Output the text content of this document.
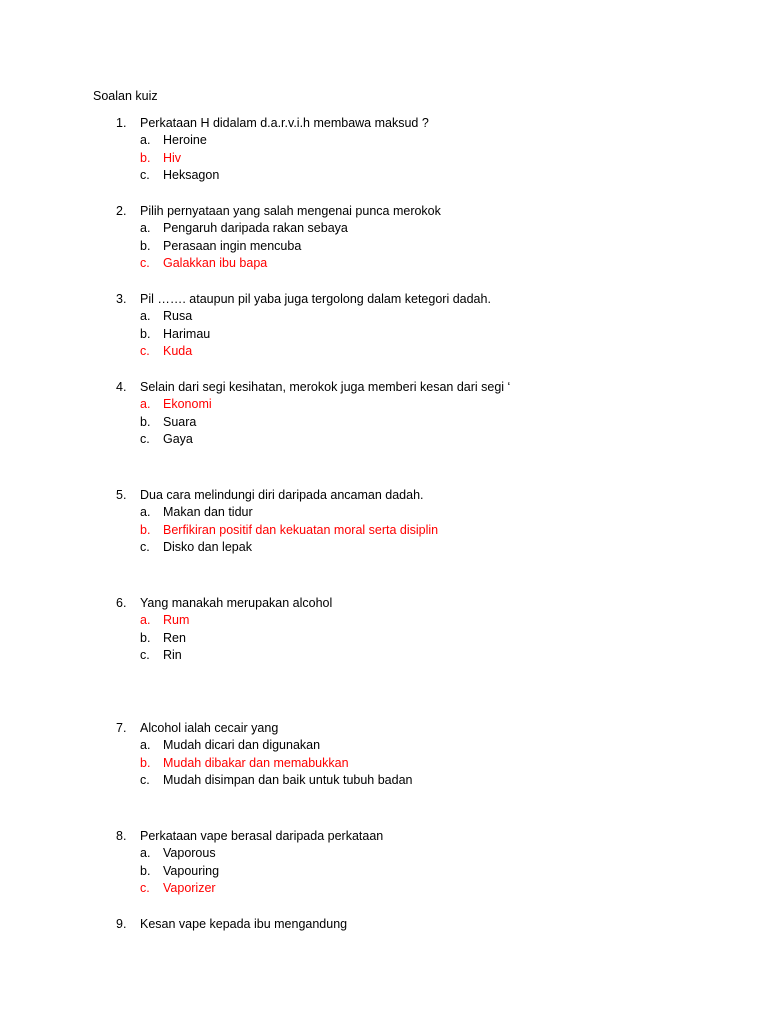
Soalan kuiz
1. Perkataan H didalam d.a.r.v.i.h membawa maksud ?
a. Heroine
b. Hiv
c. Heksagon
2. Pilih pernyataan yang salah mengenai punca merokok
a. Pengaruh daripada rakan sebaya
b. Perasaan ingin mencuba
c. Galakkan ibu bapa
3. Pil ……. ataupun pil yaba juga tergolong dalam ketegori dadah.
a. Rusa
b. Harimau
c. Kuda
4. Selain dari segi kesihatan, merokok juga memberi kesan dari segi ‘
a. Ekonomi
b. Suara
c. Gaya
5. Dua cara melindungi diri daripada ancaman dadah.
a. Makan dan tidur
b. Berfikiran positif dan kekuatan moral serta disiplin
c. Disko dan lepak
6. Yang manakah merupakan alcohol
a. Rum
b. Ren
c. Rin
7. Alcohol ialah cecair yang
a. Mudah dicari dan digunakan
b. Mudah dibakar dan memabukkan
c. Mudah disimpan dan baik untuk tubuh badan
8. Perkataan vape berasal daripada perkataan
a. Vaporous
b. Vapouring
c. Vaporizer
9. Kesan vape kepada ibu mengandung
